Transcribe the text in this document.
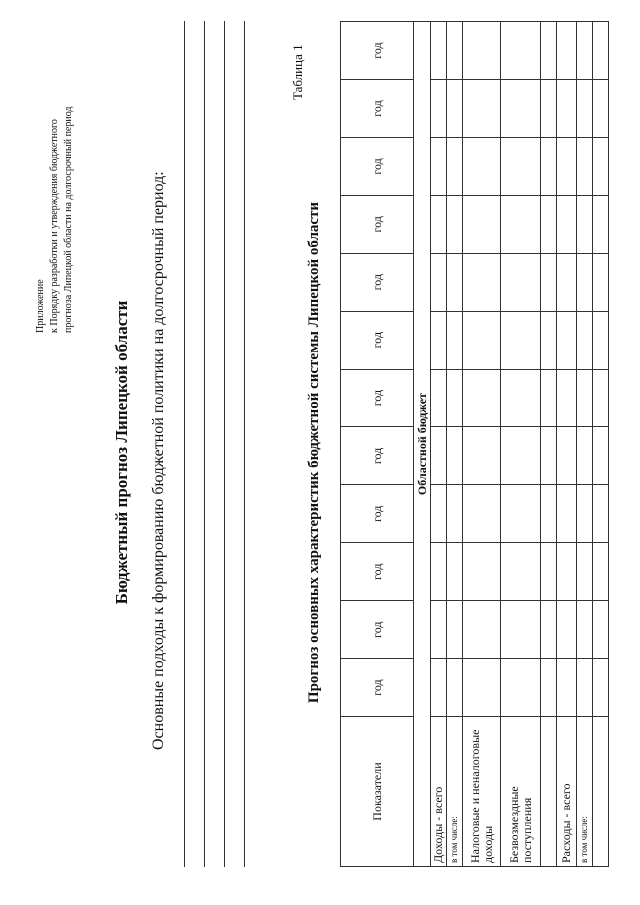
Приложение к Порядку разработки и утверждения бюджетного прогноза Липецкой области на долгосрочный период
Бюджетный прогноз Липецкой области Основные подходы к формированию бюджетной политики на долгосрочный период:
Таблица 1
Прогноз основных характеристик бюджетной системы Липецкой области
Показатели	год	год	год	год	год	год	год	год	год	год	год	год
Областной бюджет												
Доходы - всего												
в том числе:												
Налоговые и неналоговые доходы												
Безвозмездные поступления												

Расходы - всего												
в том числе:												
